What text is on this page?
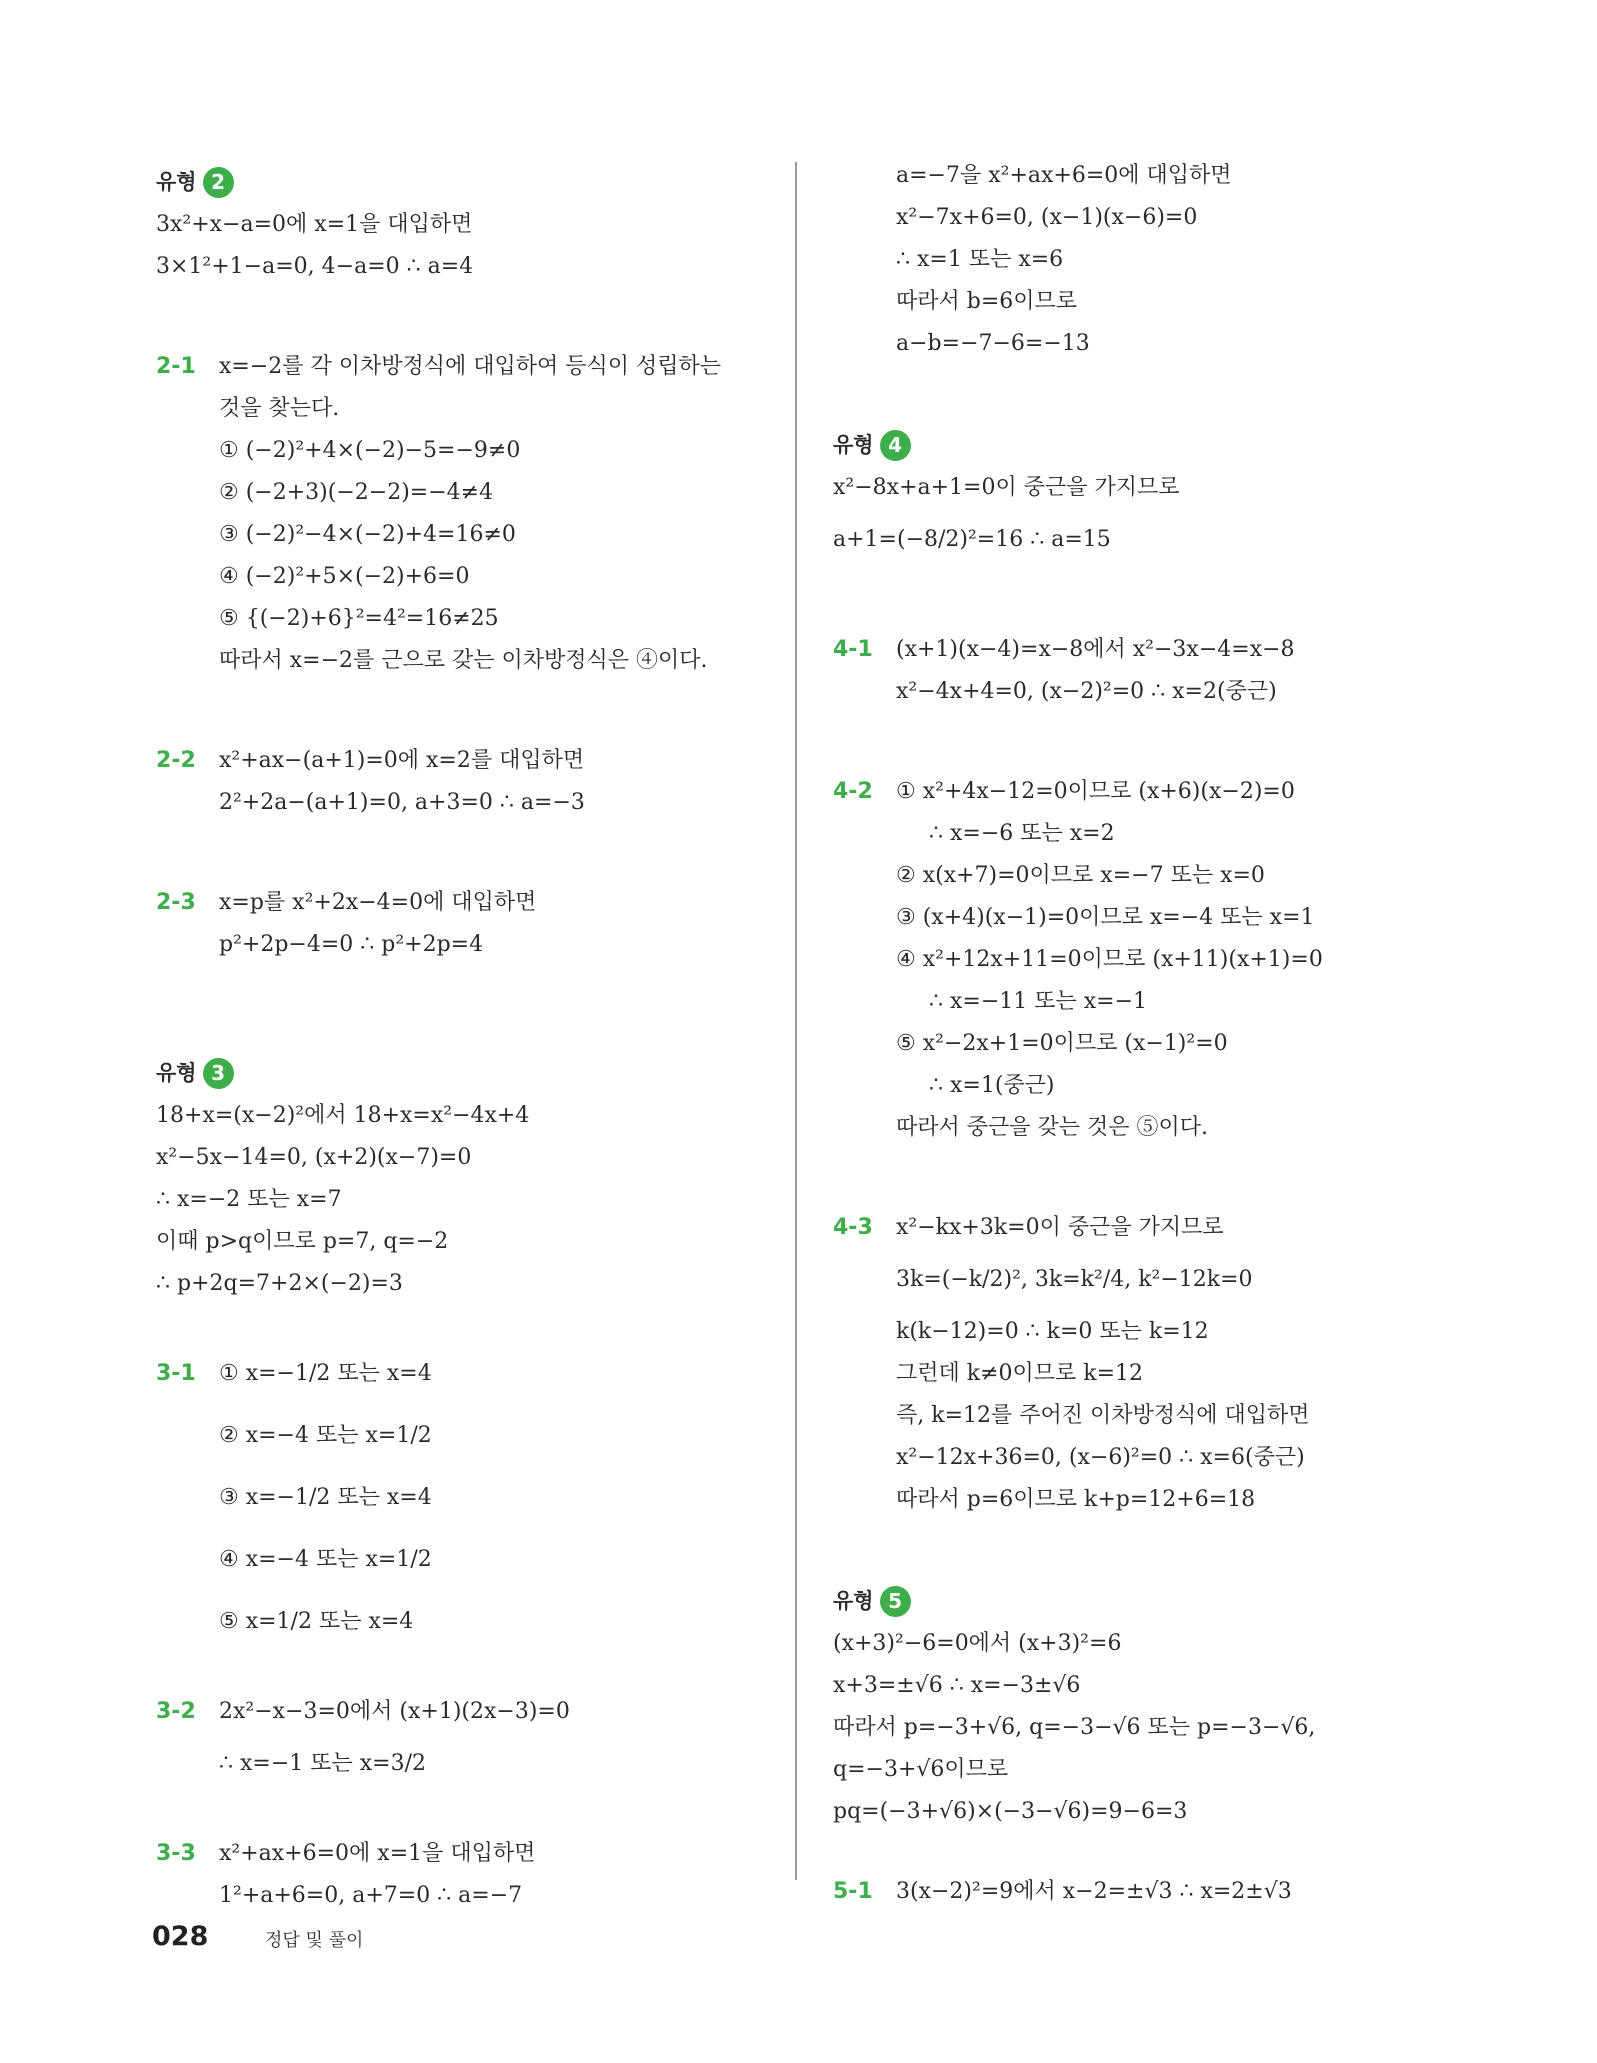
유형 2
3x²+x−a=0에 x=1을 대입하면
3×1²+1−a=0, 4−a=0 ∴ a=4
2-1 x=−2를 각 이차방정식에 대입하여 등식이 성립하는
것을 찾는다.
① (−2)²+4×(−2)−5=−9≠0
② (−2+3)(−2−2)=−4≠4
③ (−2)²−4×(−2)+4=16≠0
④ (−2)²+5×(−2)+6=0
⑤ {(−2)+6}²=4²=16≠25
따라서 x=−2를 근으로 갖는 이차방정식은 ④이다.
2-2 x²+ax−(a+1)=0에 x=2를 대입하면
2²+2a−(a+1)=0, a+3=0 ∴ a=−3
2-3 x=p를 x²+2x−4=0에 대입하면
p²+2p−4=0 ∴ p²+2p=4
유형 3
18+x=(x−2)²에서 18+x=x²−4x+4
x²−5x−14=0, (x+2)(x−7)=0
∴ x=−2 또는 x=7
이때 p>q이므로 p=7, q=−2
∴ p+2q=7+2×(−2)=3
3-1 ① x=−1/2 또는 x=4
② x=−4 또는 x=1/2
③ x=−1/2 또는 x=4
④ x=−4 또는 x=1/2
⑤ x=1/2 또는 x=4
3-2 2x²−x−3=0에서 (x+1)(2x−3)=0
∴ x=−1 또는 x=3/2
3-3 x²+ax+6=0에 x=1을 대입하면
1²+a+6=0, a+7=0 ∴ a=−7
a=−7을 x²+ax+6=0에 대입하면
x²−7x+6=0, (x−1)(x−6)=0
∴ x=1 또는 x=6
따라서 b=6이므로
a−b=−7−6=−13
유형 4
x²−8x+a+1=0이 중근을 가지므로
a+1=(−8/2)²=16 ∴ a=15
4-1 (x+1)(x−4)=x−8에서 x²−3x−4=x−8
x²−4x+4=0, (x−2)²=0 ∴ x=2(중근)
4-2 ① x²+4x−12=0이므로 (x+6)(x−2)=0
∴ x=−6 또는 x=2
② x(x+7)=0이므로 x=−7 또는 x=0
③ (x+4)(x−1)=0이므로 x=−4 또는 x=1
④ x²+12x+11=0이므로 (x+11)(x+1)=0
∴ x=−11 또는 x=−1
⑤ x²−2x+1=0이므로 (x−1)²=0
∴ x=1(중근)
따라서 중근을 갖는 것은 ⑤이다.
4-3 x²−kx+3k=0이 중근을 가지므로
3k=(−k/2)², 3k=k²/4, k²−12k=0
k(k−12)=0 ∴ k=0 또는 k=12
그런데 k≠0이므로 k=12
즉, k=12를 주어진 이차방정식에 대입하면
x²−12x+36=0, (x−6)²=0 ∴ x=6(중근)
따라서 p=6이므로 k+p=12+6=18
유형 5
(x+3)²−6=0에서 (x+3)²=6
x+3=±√6 ∴ x=−3±√6
따라서 p=−3+√6, q=−3−√6 또는 p=−3−√6,
q=−3+√6이므로
pq=(−3+√6)×(−3−√6)=9−6=3
5-1 3(x−2)²=9에서 x−2=±√3 ∴ x=2±√3
028	정답 및 풀이
